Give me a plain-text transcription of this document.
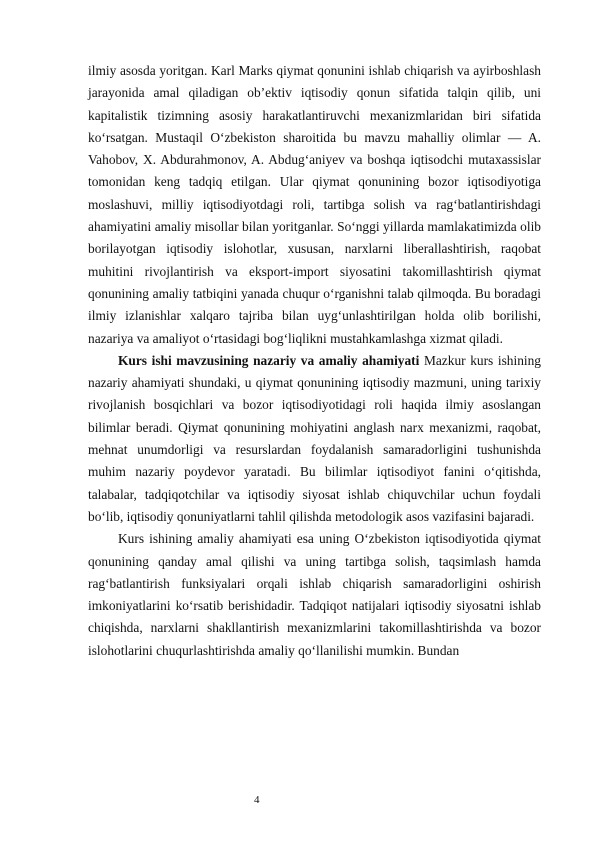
ilmiy asosda yoritgan. Karl Marks qiymat qonunini ishlab chiqarish va ayirboshlash jarayonida amal qiladigan ob’ektiv iqtisodiy qonun sifatida talqin qilib, uni kapitalistik tizimning asosiy harakatlantiruvchi mexanizmlaridan biri sifatida ko‘rsatgan. Mustaqil O‘zbekiston sharoitida bu mavzu mahalliy olimlar — A. Vahobov, X. Abdurahmonov, A. Abdug‘aniyev va boshqa iqtisodchi mutaxassislar tomonidan keng tadqiq etilgan. Ular qiymat qonunining bozor iqtisodiyotiga moslashuvi, milliy iqtisodiyotdagi roli, tartibga solish va rag‘batlantirishdagi ahamiyatini amaliy misollar bilan yoritganlar. So‘nggi yillarda mamlakatimizda olib borilayotgan iqtisodiy islohotlar, xususan, narxlarni liberallashtirish, raqobat muhitini rivojlantirish va eksport-import siyosatini takomillashtirish qiymat qonunining amaliy tatbiqini yanada chuqur o‘rganishni talab qilmoqda. Bu boradagi ilmiy izlanishlar xalqaro tajriba bilan uyg‘unlashtirilgan holda olib borilishi, nazariya va amaliyot o‘rtasidagi bog‘liqlikni mustahkamlashga xizmat qiladi.

Kurs ishi mavzusining nazariy va amaliy ahamiyati Mazkur kurs ishining nazariy ahamiyati shundaki, u qiymat qonunining iqtisodiy mazmuni, uning tarixiy rivojlanish bosqichlari va bozor iqtisodiyotidagi roli haqida ilmiy asoslangan bilimlar beradi. Qiymat qonunining mohiyatini anglash narx mexanizmi, raqobat, mehnat unumdorligi va resurslardan foydalanish samaradorligini tushunishda muhim nazariy poydevor yaratadi. Bu bilimlar iqtisodiyot fanini o‘qitishda, talabalar, tadqiqotchilar va iqtisodiy siyosat ishlab chiquvchilar uchun foydali bo‘lib, iqtisodiy qonuniyatlarni tahlil qilishda metodologik asos vazifasini bajaradi.

Kurs ishining amaliy ahamiyati esa uning O‘zbekiston iqtisodiyotida qiymat qonunining qanday amal qilishi va uning tartibga solish, taqsimlash hamda rag‘batlantirish funksiyalari orqali ishlab chiqarish samaradorligini oshirish imkoniyatlarini ko‘rsatib berishidadir. Tadqiqot natijalari iqtisodiy siyosatni ishlab chiqishda, narxlarni shakllantirish mexanizmlarini takomillashtirishda va bozor islohotlarini chuqurlashtirishda amaliy qo‘llanilishi mumkin. Bundan

4
